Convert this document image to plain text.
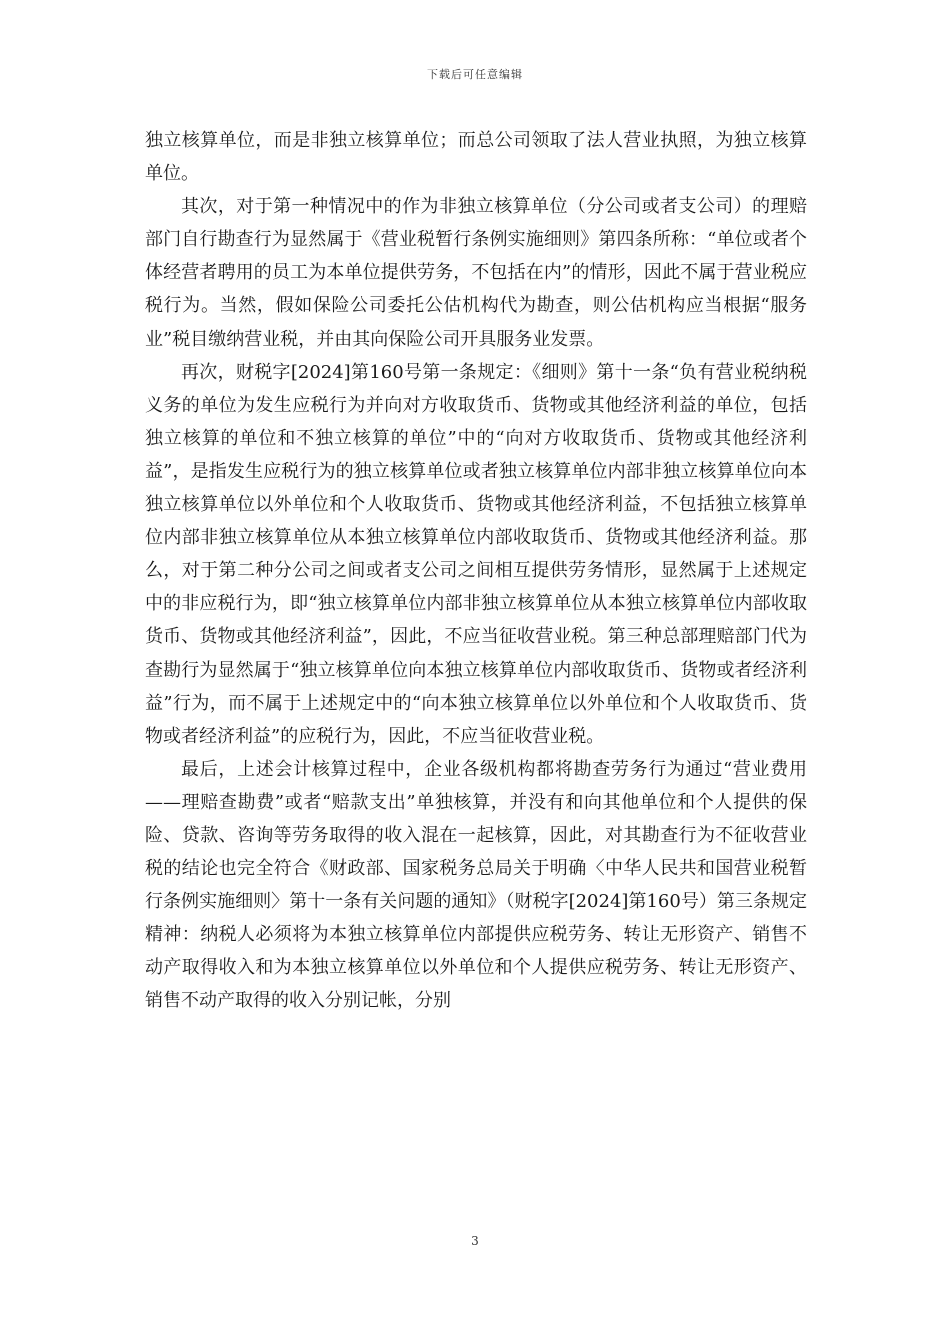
下载后可任意编辑

独立核算单位，而是非独立核算单位；而总公司领取了法人营业执照，为独立核算单位。

其次，对于第一种情况中的作为非独立核算单位（分公司或者支公司）的理赔部门自行勘查行为显然属于《营业税暂行条例实施细则》第四条所称：“单位或者个体经营者聘用的员工为本单位提供劳务，不包括在内”的情形，因此不属于营业税应税行为。当然，假如保险公司委托公估机构代为勘查，则公估机构应当根据“服务业”税目缴纳营业税，并由其向保险公司开具服务业发票。

再次，财税字[2024]第160号第一条规定：《细则》第十一条“负有营业税纳税义务的单位为发生应税行为并向对方收取货币、货物或其他经济利益的单位，包括独立核算的单位和不独立核算的单位”中的“向对方收取货币、货物或其他经济利益”，是指发生应税行为的独立核算单位或者独立核算单位内部非独立核算单位向本独立核算单位以外单位和个人收取货币、货物或其他经济利益，不包括独立核算单位内部非独立核算单位从本独立核算单位内部收取货币、货物或其他经济利益。那么，对于第二种分公司之间或者支公司之间相互提供劳务情形，显然属于上述规定中的非应税行为，即“独立核算单位内部非独立核算单位从本独立核算单位内部收取货币、货物或其他经济利益”，因此，不应当征收营业税。第三种总部理赔部门代为查勘行为显然属于“独立核算单位向本独立核算单位内部收取货币、货物或者经济利益”行为，而不属于上述规定中的“向本独立核算单位以外单位和个人收取货币、货物或者经济利益”的应税行为，因此，不应当征收营业税。

最后，上述会计核算过程中，企业各级机构都将勘查劳务行为通过“营业费用——理赔查勘费”或者“赔款支出”单独核算，并没有和向其他单位和个人提供的保险、贷款、咨询等劳务取得的收入混在一起核算，因此，对其勘查行为不征收营业税的结论也完全符合《财政部、国家税务总局关于明确〈中华人民共和国营业税暂行条例实施细则〉第十一条有关问题的通知》（财税字[2024]第160号）第三条规定精神：纳税人必须将为本独立核算单位内部提供应税劳务、转让无形资产、销售不动产取得收入和为本独立核算单位以外单位和个人提供应税劳务、转让无形资产、销售不动产取得的收入分别记帐，分别

3
